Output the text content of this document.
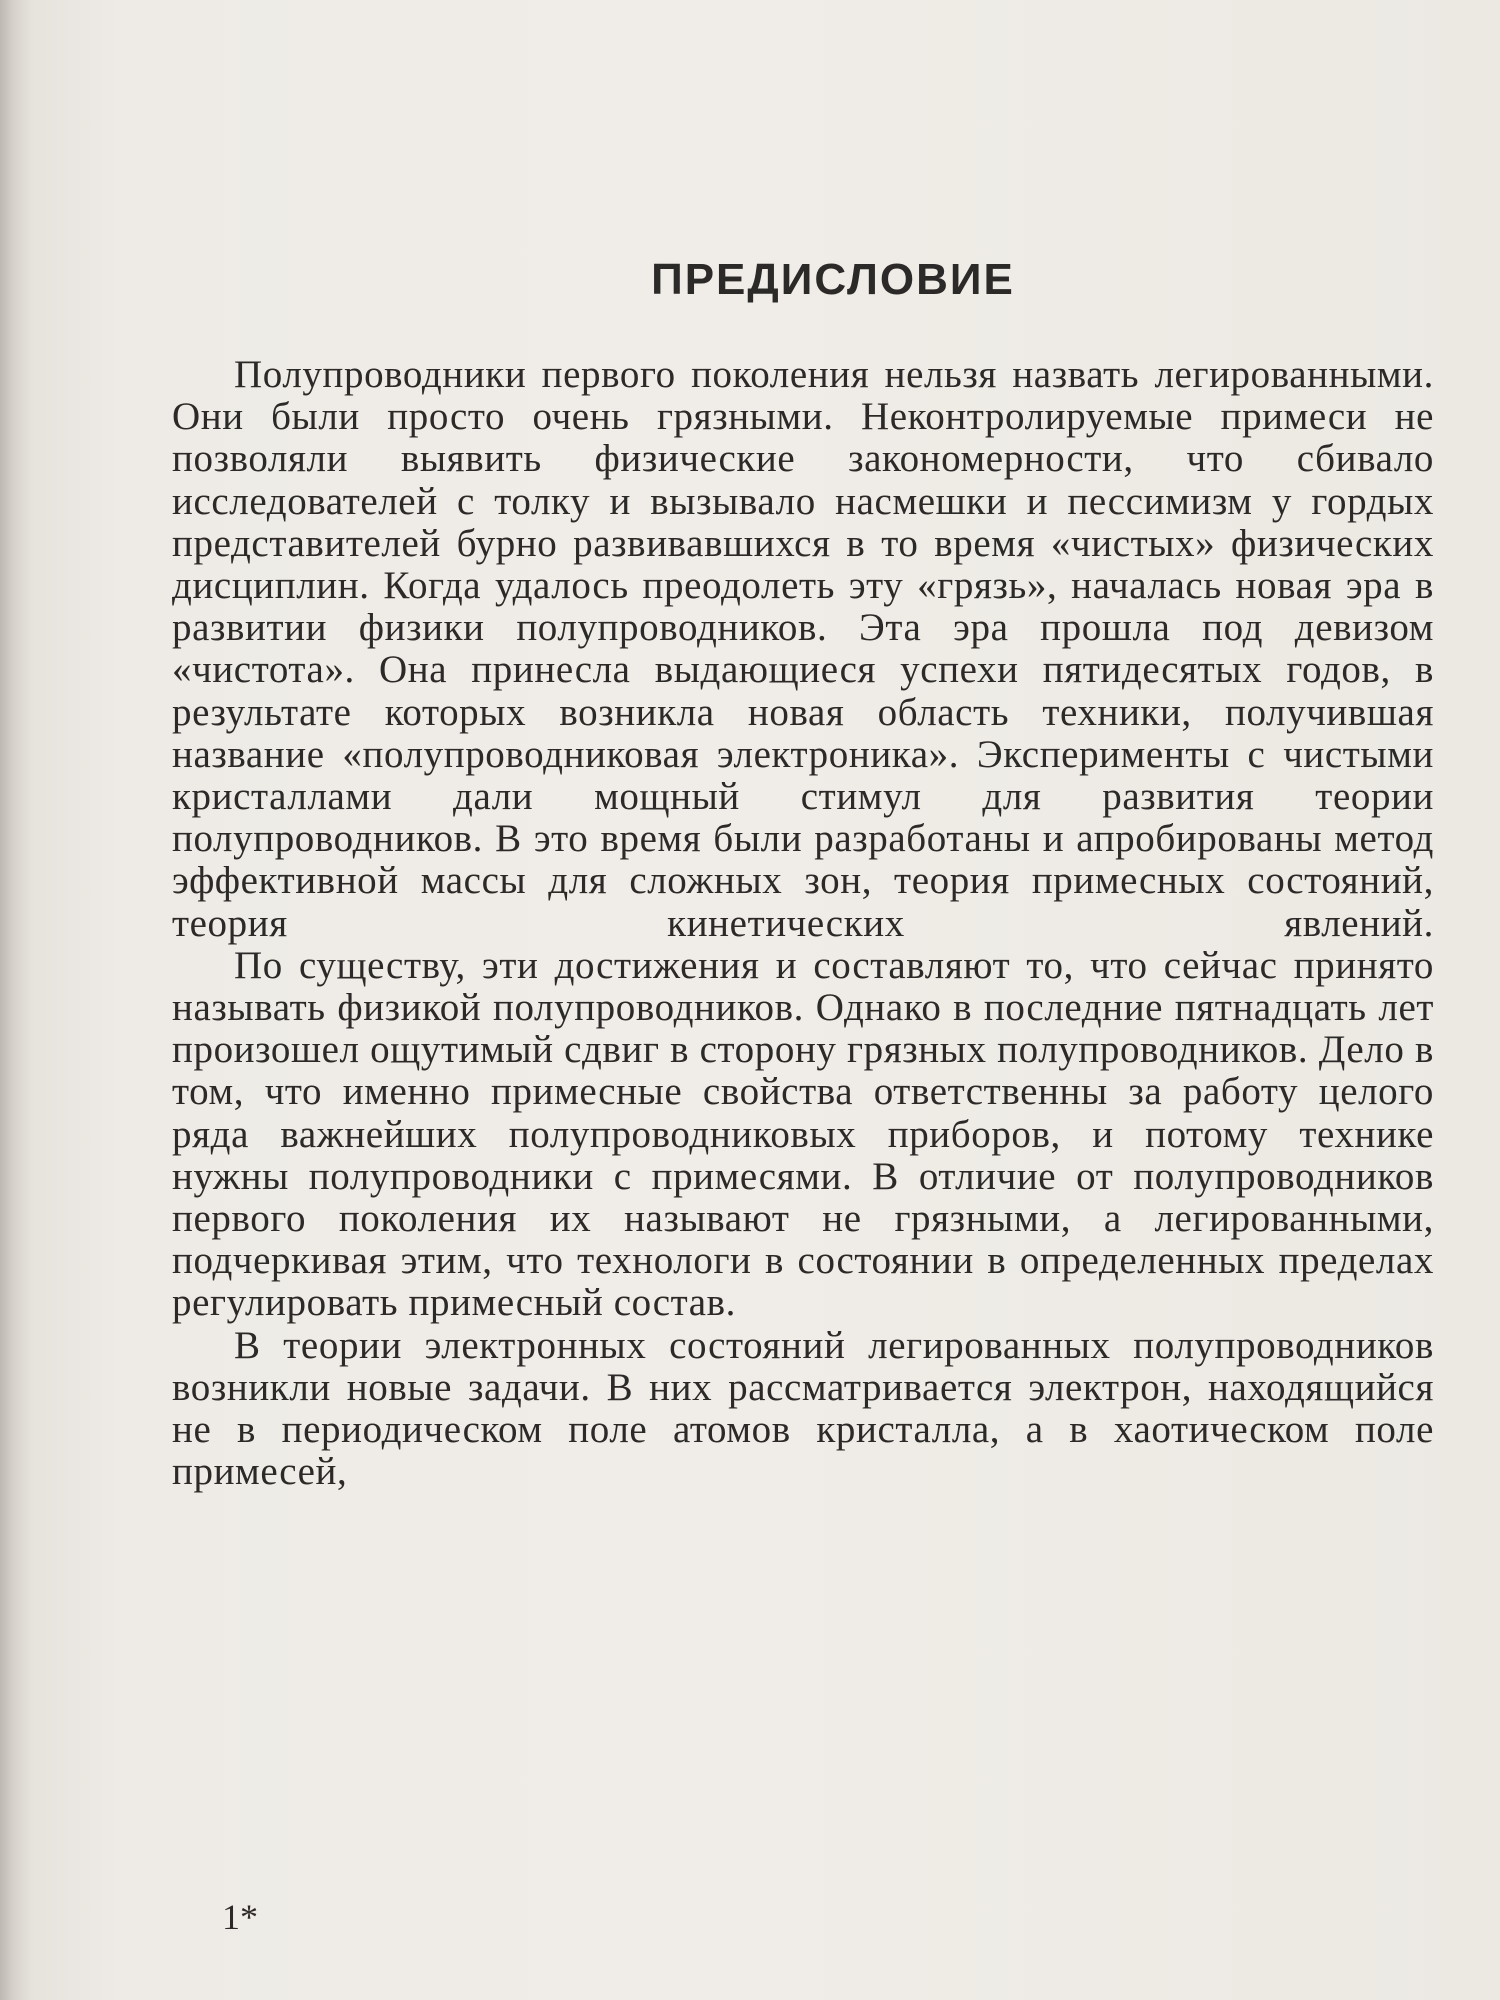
ПРЕДИСЛОВИЕ

Полупроводники первого поколения нельзя назвать легированными. Они были просто очень грязными. Неконтролируемые примеси не позволяли выявить физические закономерности, что сбивало исследователей с толку и вызывало насмешки и пессимизм у гордых представителей бурно развивавшихся в то время «чистых» физических дисциплин. Когда удалось преодолеть эту «грязь», началась новая эра в развитии физики полупроводников. Эта эра прошла под девизом «чистота». Она принесла выдающиеся успехи пятидесятых годов, в результате которых возникла новая область техники, получившая название «полупроводниковая электроника». Эксперименты с чистыми кристаллами дали мощный стимул для развития теории полупроводников. В это время были разработаны и апробированы метод эффективной массы для сложных зон, теория примесных состояний, теория кинетических явлений.

По существу, эти достижения и составляют то, что сейчас принято называть физикой полупроводников. Однако в последние пятнадцать лет произошел ощутимый сдвиг в сторону грязных полупроводников. Дело в том, что именно примесные свойства ответственны за работу целого ряда важнейших полупроводниковых приборов, и потому технике нужны полупроводники с примесями. В отличие от полупроводников первого поколения их называют не грязными, а легированными, подчеркивая этим, что технологи в состоянии в определенных пределах регулировать примесный состав.

В теории электронных состояний легированных полупроводников возникли новые задачи. В них рассматривается электрон, находящийся не в периодическом поле атомов кристалла, а в хаотическом поле примесей,

1*
